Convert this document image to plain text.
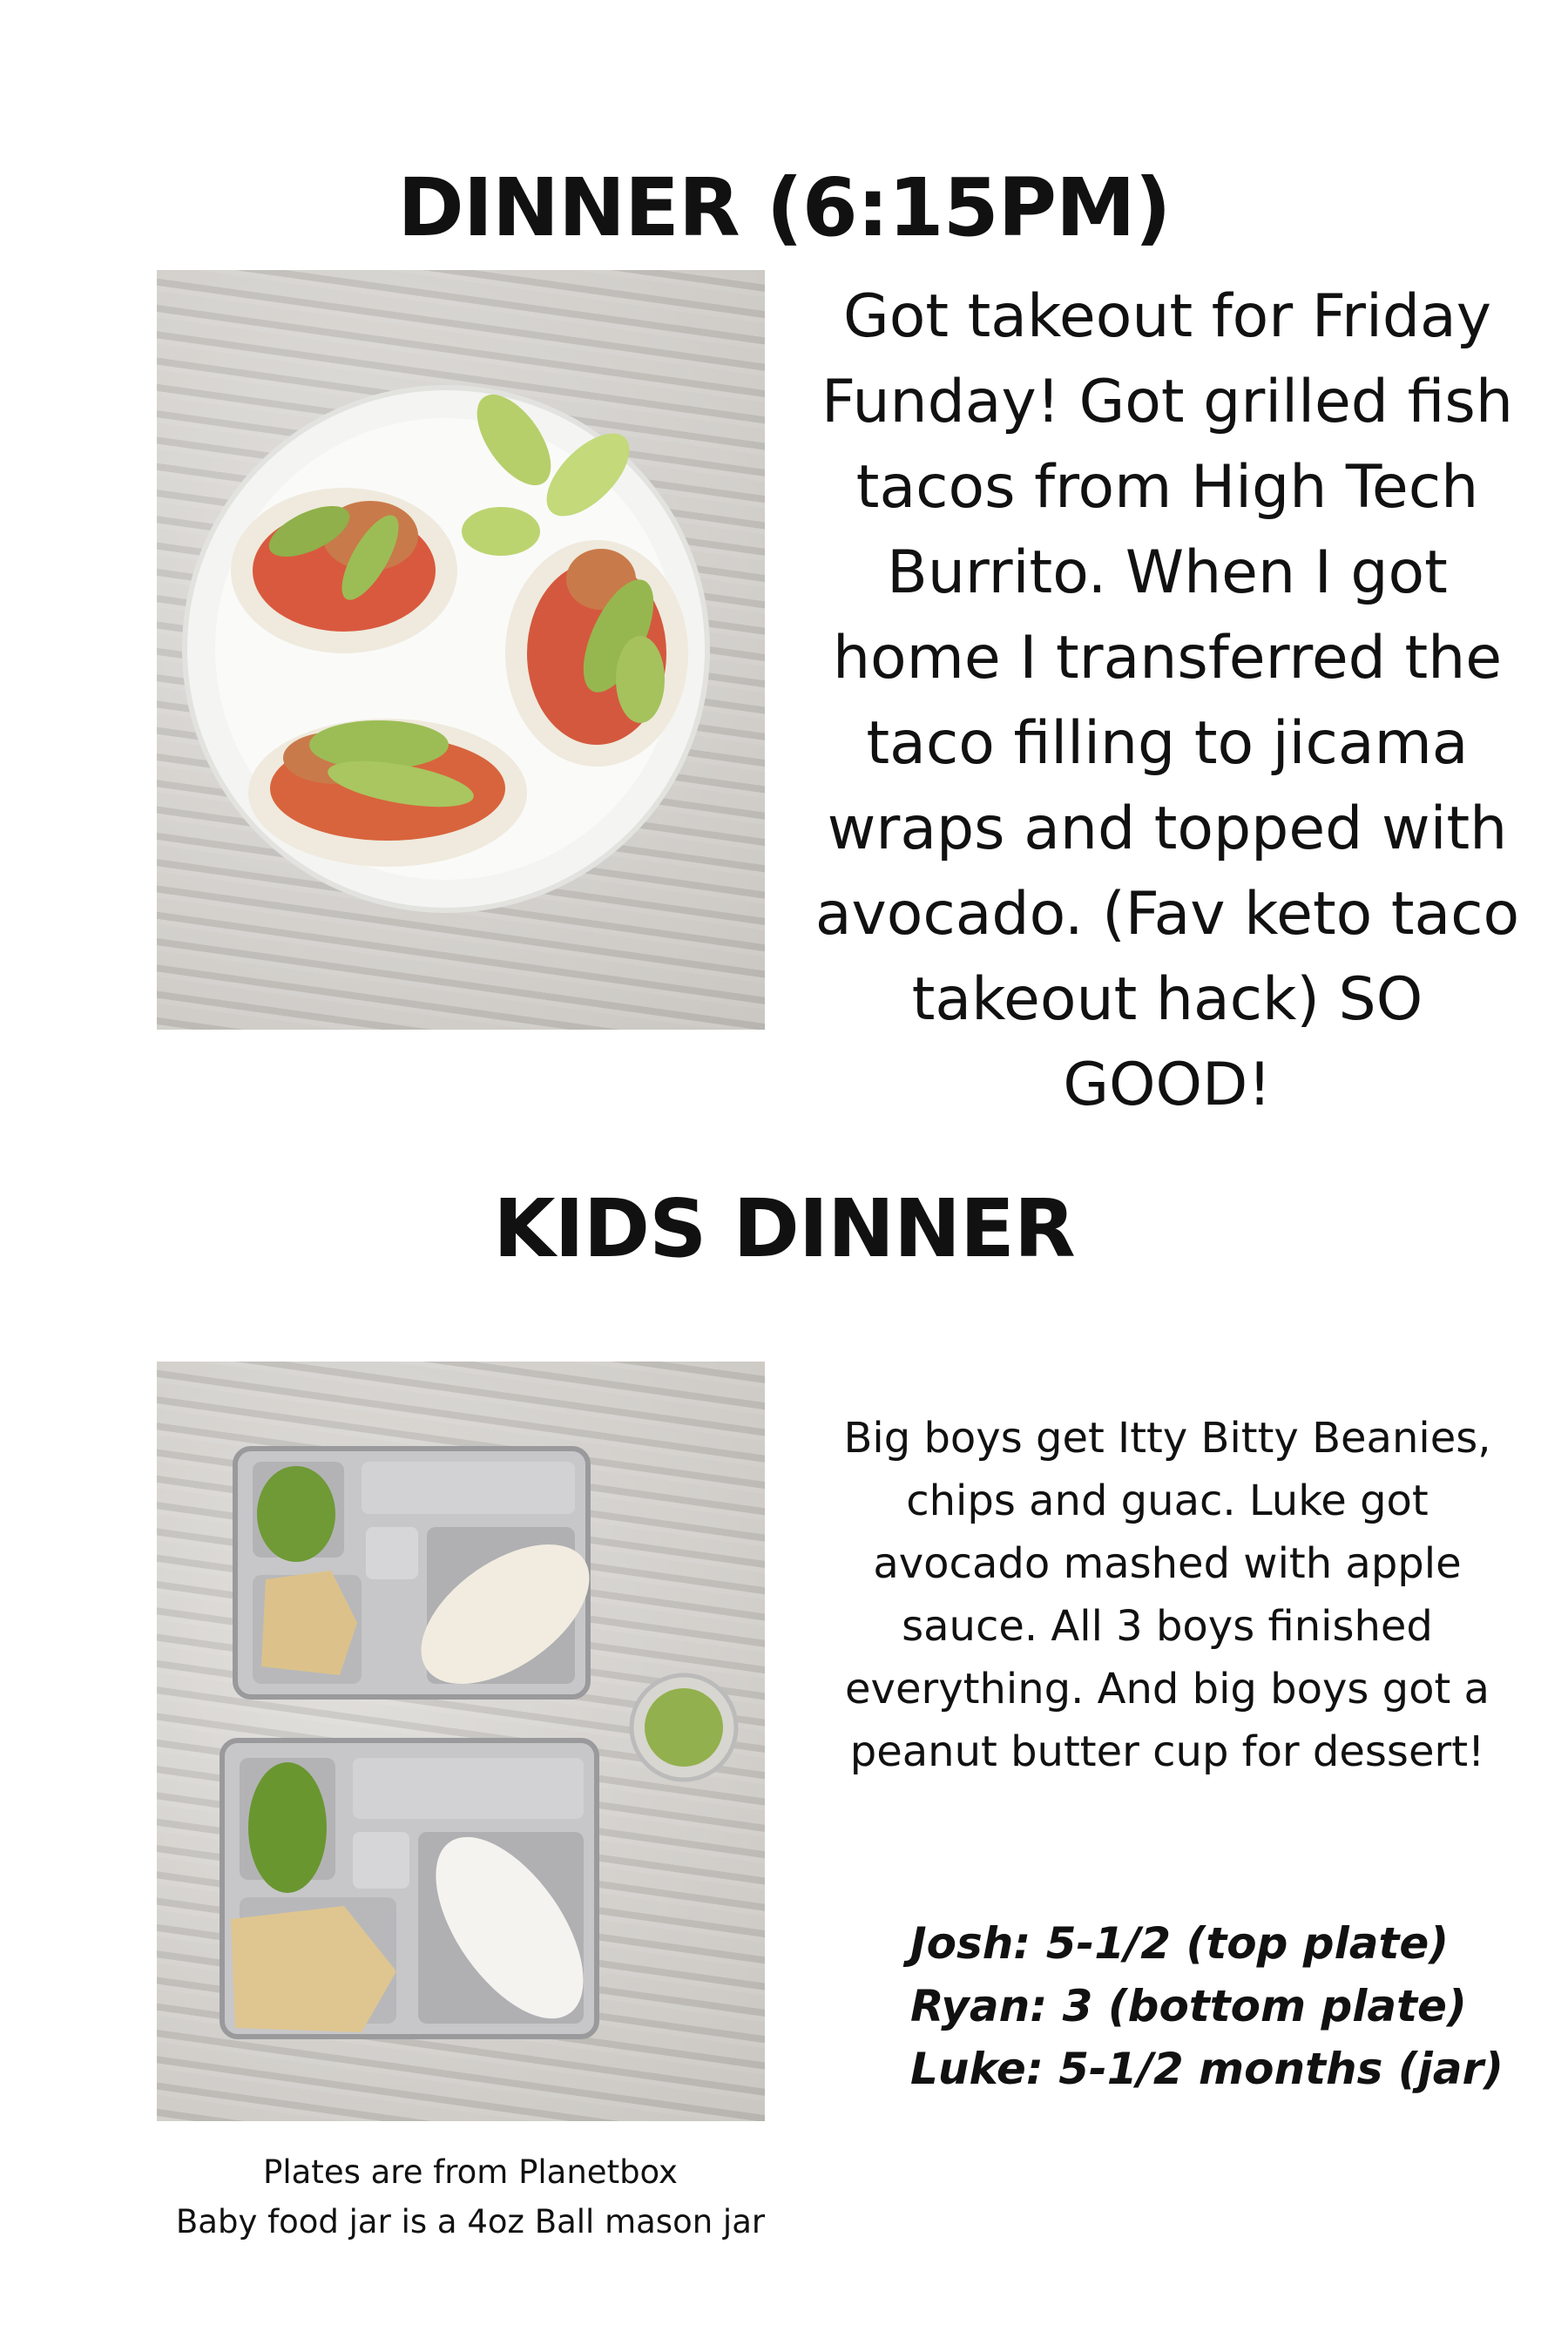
DINNER (6:15PM)

Got takeout for Friday Funday! Got grilled fish tacos from High Tech Burrito. When I got home I transferred the taco filling to jicama wraps and topped with avocado. (Fav keto taco takeout hack) SO GOOD!

KIDS DINNER

Big boys get Itty Bitty Beanies, chips and guac. Luke got avocado mashed with apple sauce. All 3 boys finished everything. And big boys got a peanut butter cup for dessert!

Josh: 5-1/2 (top plate)
Ryan: 3 (bottom plate)
Luke: 5-1/2 months (jar)
Plates are from Planetbox
Baby food jar is a 4oz Ball mason jar
